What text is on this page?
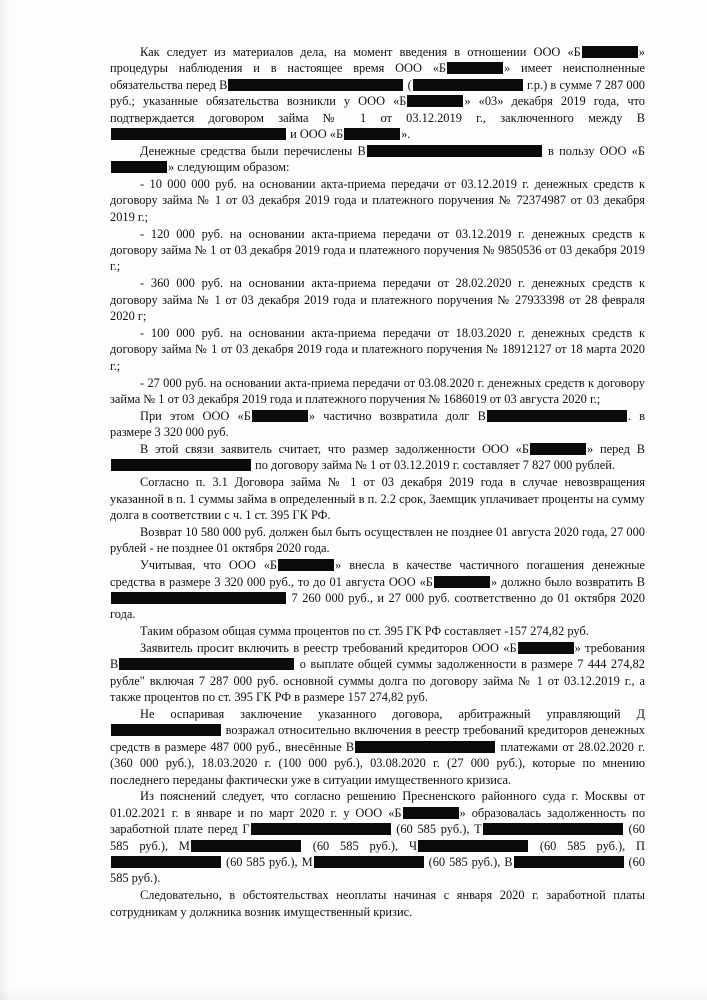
Как следует из материалов дела, на момент введения в отношении ООО «Б	» процедуры наблюдения и в настоящее время ООО «Б	» имеет неисполненные обязательства перед В	(	г.р.) в сумме 7 287 000 руб.; указанные обязательства возникли у ООО «Б	» «03» декабря 2019 года, что подтверждается договором займа № 1 от 03.12.2019 г., заключенного между В и ООО «Б	».

Денежные средства были перечислены В	в пользу ООО «Б» следующим образом:

- 10 000 000 руб. на основании акта-приема передачи от 03.12.2019 г. денежных средств к договору займа № 1 от 03 декабря 2019 года и платежного поручения № 72374987 от 03 декабря 2019 г.;

- 120 000 руб. на основании акта-приема передачи от 03.12.2019 г. денежных средств к договору займа № 1 от 03 декабря 2019 года и платежного поручения № 9850536 от 03 декабря 2019 г.;

- 360 000 руб. на основании акта-приема передачи от 28.02.2020 г. денежных средств к договору займа № 1 от 03 декабря 2019 года и платежного поручения № 27933398 от 28 февраля 2020 г;

- 100 000 руб. на основании акта-приема передачи от 18.03.2020 г. денежных средств к договору займа № 1 от 03 декабря 2019 года и платежного поручения № 18912127 от 18 марта 2020 г.;

- 27 000 руб. на основании акта-приема передачи от 03.08.2020 г. денежных средств к договору займа № 1 от 03 декабря 2019 года и платежного поручения № 1686019 от 03 августа 2020 г.;

При этом ООО «Б	» частично возвратила долг В	. в размере 3 320 000 руб.

В этой связи заявитель считает, что размер задолженности ООО «Б	» перед В по договору займа № 1 от 03.12.2019 г. составляет 7 827 000 рублей.

Согласно п. 3.1 Договора займа № 1 от 03 декабря 2019 года в случае невозвращения указанной в п. 1 суммы займа в определенный в п. 2.2 срок, Заемщик уплачивает проценты на сумму долга в соответствии с ч. 1 ст. 395 ГК РФ.

Возврат 10 580 000 руб. должен был быть осуществлен не позднее 01 августа 2020 года, 27 000 рублей - не позднее 01 октября 2020 года.

Учитывая, что ООО «Б	» внесла в качестве частичного погашения денежные средства в размере 3 320 000 руб., то до 01 августа ООО «Б	» должно было возвратить В 7 260 000 руб., и 27 000 руб. соответственно до 01 октября 2020 года.

Таким образом общая сумма процентов по ст. 395 ГК РФ составляет -157 274,82 руб.

Заявитель просит включить в реестр требований кредиторов ООО «Б	» требования В	о выплате общей суммы задолженности в размере 7 444 274,82 рубле" включая 7 287 000 руб. основной суммы долга по договору займа № 1 от 03.12.2019 г., а также процентов по ст. 395 ГК РФ в размере 157 274,82 руб.

Не оспаривая заключение указанного договора, арбитражный управляющий Д возражал относительно включения в реестр требований кредиторов денежных средств в размере 487 000 руб., внесённые В	платежами от 28.02.2020 г. (360 000 руб.), 18.03.2020 г. (100 000 руб.), 03.08.2020 г. (27 000 руб.), которые по мнению последнего переданы фактически уже в ситуации имущественного кризиса.

Из пояснений следует, что согласно решению Пресненского районного суда г. Москвы от 01.02.2021 г. в январе и по март 2020 г. у ООО «Б	» образовалась задолженность по заработной плате перед Г	(60 585 руб.), Т	(60 585 руб.), М	(60 585 руб.), Ч	(60 585 руб.), П (60 585 руб.), М	(60 585 руб.), В	(60 585 руб.).

Следовательно, в обстоятельствах неоплаты начиная с января 2020 г. заработной платы сотрудникам у должника возник имущественный кризис.
